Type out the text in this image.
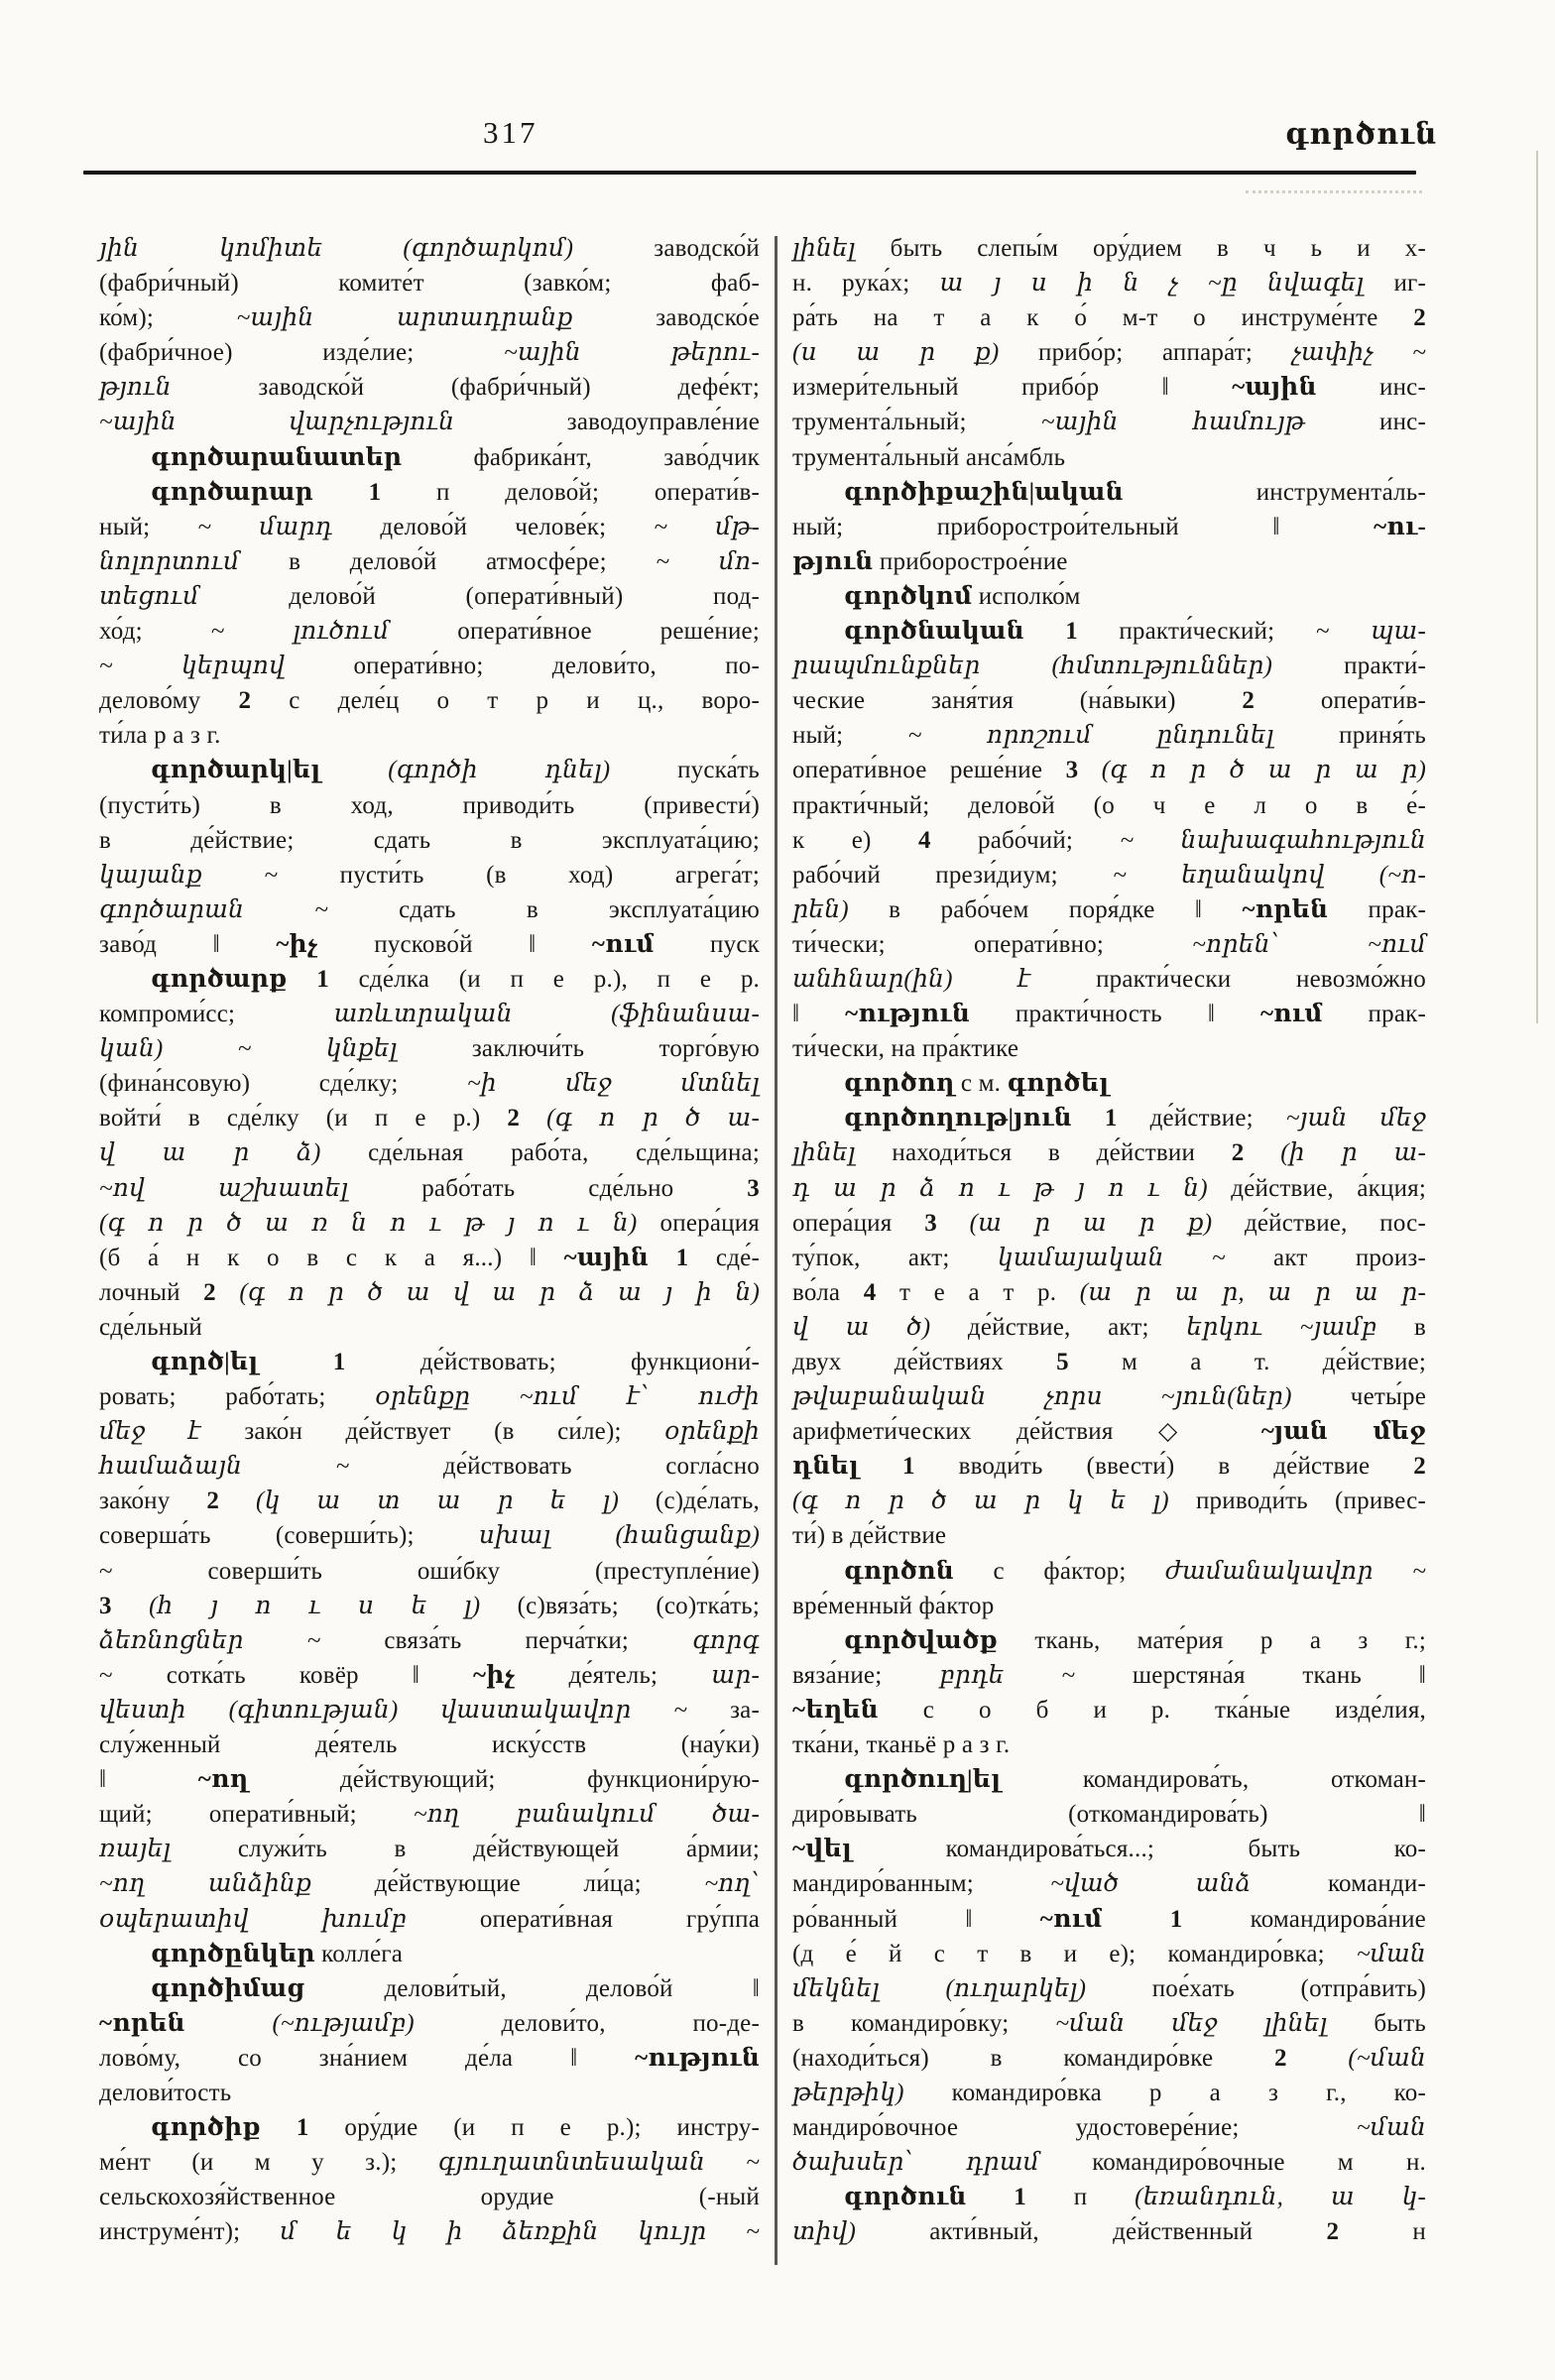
317	գործուն
յին կոմիտե (գործարկոմ) заводско́й
(фабри́чный) комите́т (завко́м; фаб-
ко́м); ~ային արտադրանք заводско́е
(фабри́чное) изде́лие; ~ային թերու-
թյուն заводско́й (фабри́чный) дефе́кт;
~ային վարչություն заводоуправле́ние
գործարանատեր фабрика́нт, заво́дчик
գործարար 1 п делово́й; операти́в-
ный; ~ մարդ делово́й челове́к; ~ մթ-
նոլորտում в делово́й атмосфе́ре; ~ մո-
տեցում делово́й (операти́вный) под-
хо́д; ~ լուծում операти́вное реше́ние;
~ կերպով операти́вно; делови́то, по-
делово́му 2 с деле́ц о т р и ц., воро-
ти́ла р а з г.
գործարկ|ել	(գործի դնել) пуска́ть
(пусти́ть) в ход, приводи́ть (привести́)
в де́йствие; сдать в эксплуата́цию;
կայանք ~ пусти́ть (в ход) агрега́т;
գործարան ~ сдать в эксплуата́цию
заво́д ‖ ~իչ пусково́й ‖ ~ում пуск
գործարք 1 сде́лка (и п е р.), п е р.
компроми́сс; առևտրական (ֆինանսա-
կան) ~ կնքել заключи́ть торго́вую
(фина́нсовую) сде́лку; ~ի մեջ մտնել
войти́ в сде́лку (и п е р.) 2 (գ ո ր ծ ա-
վ ա ր ձ) сде́льная рабо́та, сде́льщина;
~ով աշխատել рабо́тать сде́льно 3
(գ ո ր ծ ա ռ ն ո ւ թ յ ո ւ ն) опера́ция
(б а́ н к о в с к а я...) ‖ ~ային 1 сде́-
лочный 2 (գ ո ր ծ ա վ ա ր ձ ա յ ի ն)
сде́льный
գործ|ել	1 де́йствовать; функциони́-
ровать; рабо́тать; օրենքը ~ում է՝ ուժի
մեջ է зако́н де́йствует (в си́ле); օրենքի
համաձայն ~ де́йствовать согла́сно
зако́ну 2 (կ ա տ ա ր ե լ) (с)де́лать,
соверша́ть (соверши́ть); սխալ (հանցանք)
~ соверши́ть оши́бку (преступле́ние)
3 (հ յ ո ւ ս ե լ) (с)вяза́ть; (со)тка́ть;
ձեռնոցներ ~ связа́ть перча́тки; գորգ
~ сотка́ть ковёр ‖ ~իչ де́ятель; ար-
վեստի (գիտության) վաստակավոր ~ за-
слу́женный де́ятель иску́сств (нау́ки)
‖ ~ող де́йствующий; функциони́рую-
щий; операти́вный; ~ող բանակում ծա-
ռայել служи́ть в де́йствующей а́рмии;
~ող անձինք де́йствующие ли́ца; ~ող՝
օպերատիվ խումբ операти́вная гру́ппа
գործընկեր колле́га
գործիմաց делови́тый, делово́й ‖
~որեն	(~ությամբ) делови́то, по-де-
лово́му, со зна́нием де́ла ‖ ~ություն
делови́тость
գործիք 1 ору́дие (и п е р.); инстру-
ме́нт (и м у з.); գյուղատնտեսական ~
сельскохозя́йственное орудие (-ный
инструме́нт); մ ե կ ի ձեռքին կույր ~
լինել быть слепы́м ору́дием в ч ь и х-
н. рука́х; ա յ ս ի ն չ ~ը նվագել иг-
ра́ть на т а к о́ м-т о инструме́нте 2
(ս ա ր ք) прибо́р; аппара́т; չափիչ ~
измери́тельный прибо́р ‖ ~ային инс-
трумента́льный; ~ային համույթ инс-
трумента́льный анса́мбль
գործիքաշին|ական инструмента́ль-
ный; приборострои́тельный ‖ ~ու-
թյուն приборострое́ние
գործկոմ исполко́м
գործնական 1 практи́ческий; ~ պա-
րապմունքներ (հմտություններ) практи́-
ческие заня́тия (на́выки) 2 операти́в-
ный; ~ որոշում ընդունել приня́ть
операти́вное реше́ние 3 (գ ո ր ծ ա ր ա ր)
практи́чный; делово́й (о ч е л о в е́-
к е) 4 рабо́чий; ~ նախագահություն
рабо́чий прези́диум; ~ եղանակով (~ո-
րեն) в рабо́чем поря́дке ‖ ~որեն прак-
ти́чески; операти́вно; ~որեն՝ ~ում
անհնար(ին) է практи́чески невозмо́жно
‖ ~ություն практи́чность ‖ ~ում прак-
ти́чески, на пра́ктике
գործող с м. գործել
գործողութ|յուն 1 де́йствие; ~յան մեջ
լինել находи́ться в де́йствии 2 (ի ր ա-
դ ա ր ձ ո ւ թ յ ո ւ ն) де́йствие, а́кция;
опера́ция 3 (ա ր ա ր ք) де́йствие, пос-
ту́пок, акт; կամայական ~ акт произ-
во́ла 4 т е а т р. (ա ր ա ր, ա ր ա ր-
վ ա ծ) де́йствие, акт; երկու ~յամբ в
двух де́йствиях 5 м а т. де́йствие;
թվաբանական չորս ~յուն(ներ) четы́ре
арифмети́ческих де́йствия ◇ ~յան մեջ
դնել 1 вводи́ть (ввести́) в де́йствие 2
(գ ո ր ծ ա ր կ ե լ) приводи́ть (привес-
ти́) в де́йствие
գործոն с фа́ктор; ժամանակավոր ~
вре́менный фа́ктор
գործվածք ткань, мате́рия р а з г.;
вяза́ние; բրդե ~ шерстяна́я ткань ‖
~եղեն с о б и р. тка́ные изде́лия,
тка́ни, тканьё р а з г.
գործուղ|ել командирова́ть, откоман-
диро́вывать (откомандирова́ть) ‖
~վել командирова́ться...; быть ко-
мандиро́ванным; ~ված անձ команди-
ро́ванный ‖ ~ում	1 командирова́ние
(д е́ й с т в и е); командиро́вка; ~ման
մեկնել (ուղարկել) пое́хать (отпра́вить)
в командиро́вку; ~ման մեջ լինել быть
(находи́ться) в командиро́вке 2 (~ման
թերթիկ) командиро́вка р а з г., ко-
мандиро́вочное удостовере́ние; ~ման
ծախսեր՝ դրամ командиро́вочные м н.
գործուն 1 п (եռանդուն, ա կ-
տիվ) акти́вный, де́йственный 2 н
